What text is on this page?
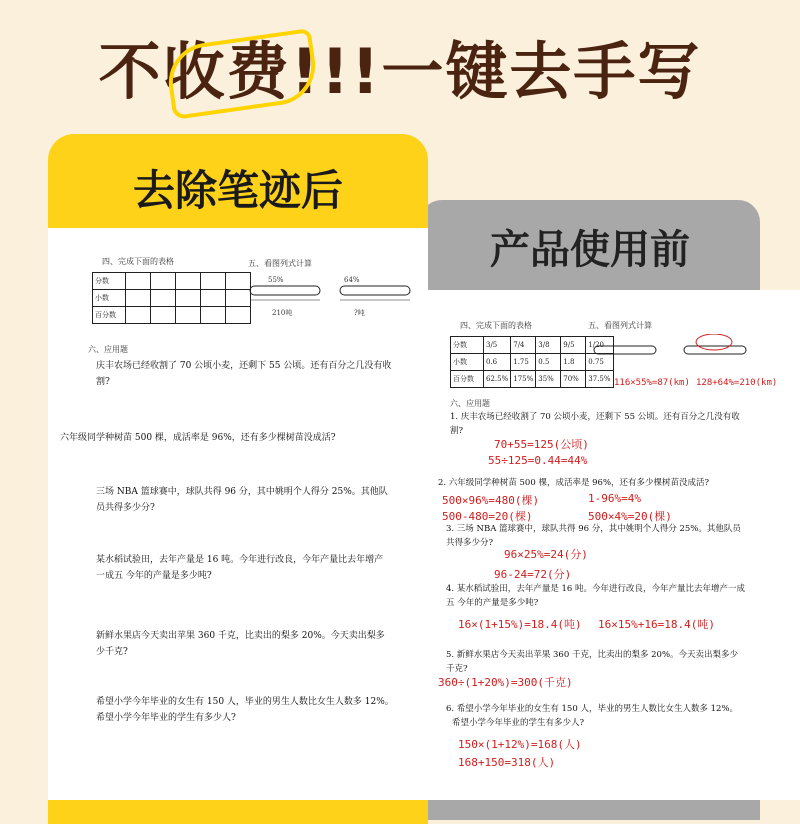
不收费!!!一键去手写
产品使用前
四、完成下面的表格	五、看图列式计算
分数	3/5	7/4	3/8	9/5	1/20
小数	0.6	1.75	0.5	1.8	0.75
百分数	62.5%	175%	35%	70%	37.5% 116×55%=87(km) 128+64%=210(km)
六、应用题
1. 庆丰农场已经收割了 70 公顷小麦，还剩下 55 公顷。还有百分之几没有收割?
70+55=125(公顷)
55÷125=0.44=44%
2. 六年级同学种树苗 500 棵，成活率是 96%，还有多少棵树苗没成活?
500×96%=480(棵)
500-480=20(棵)
1-96%=4%
500×4%=20(棵)
3. 三场 NBA 篮球赛中，球队共得 96 分，其中姚明个人得分 25%。其他队员共得多少分?
96×25%=24(分)
96-24=72(分)
4. 某水稻试验田，去年产量是 16 吨。今年进行改良，今年产量比去年增产一成五 今年的产量是多少吨?
16×(1+15%)=18.4(吨) 16×15%+16=18.4(吨)
5. 新鲜水果店今天卖出苹果 360 千克，比卖出的梨多 20%。今天卖出梨多少千克?
360÷(1+20%)=300(千克)
6. 希望小学今年毕业的女生有 150 人，毕业的男生人数比女生人数多 12%。
希望小学今年毕业的学生有多少人?
150×(1+12%)=168(人)
168+150=318(人)
去除笔迹后
四、完成下面的表格	五、看图列式计算
分数					
小数					
百分数					
55%
210吨
64%
?吨
六、应用题
庆丰农场已经收割了 70 公顷小麦，还剩下 55 公顷。还有百分之几没有收割?
六年级同学种树苗 500 棵，成活率是 96%，还有多少棵树苗没成活?
三场 NBA 篮球赛中，球队共得 96 分，其中姚明个人得分 25%。其他队员共得多少分?
某水稻试验田，去年产量是 16 吨。今年进行改良，今年产量比去年增产一成五 今年的产量是多少吨?
新鲜水果店今天卖出苹果 360 千克，比卖出的梨多 20%。今天卖出梨多少千克?
希望小学今年毕业的女生有 150 人，毕业的男生人数比女生人数多 12%。
希望小学今年毕业的学生有多少人?
